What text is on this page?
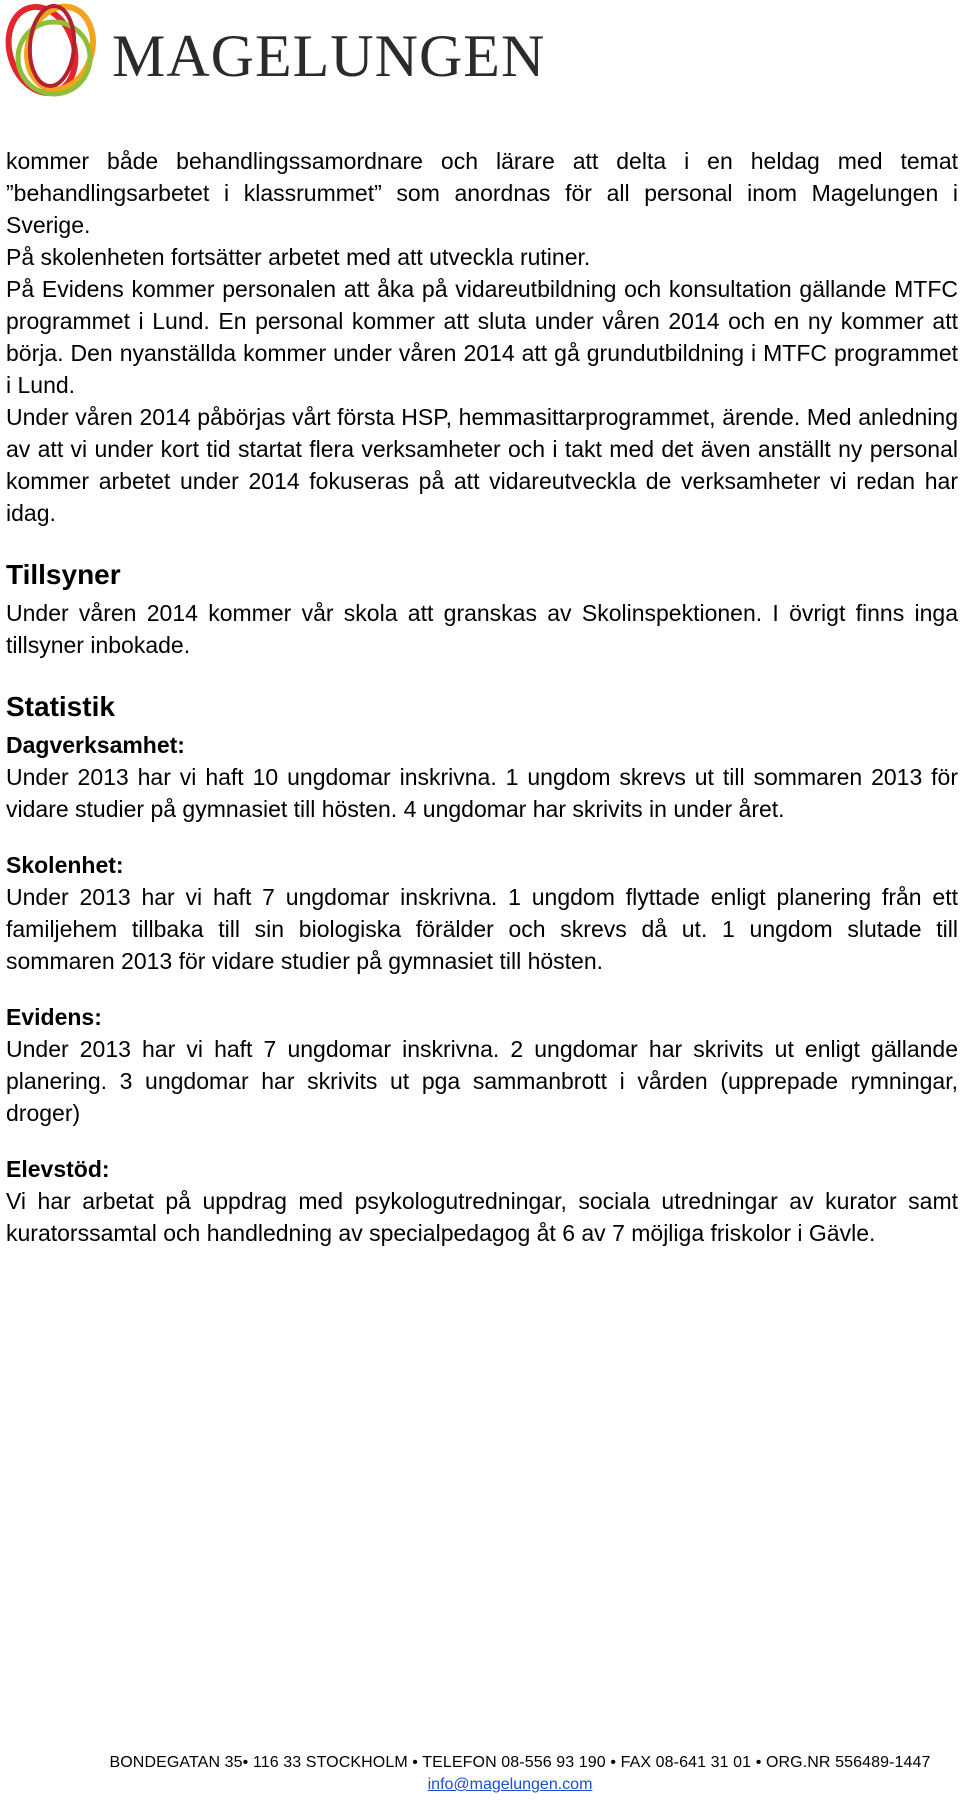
MAGELUNGEN

kommer både behandlingssamordnare och lärare att delta i en heldag med temat ”behandlingsarbetet i klassrummet” som anordnas för all personal inom Magelungen i Sverige.

På skolenheten fortsätter arbetet med att utveckla rutiner.

På Evidens kommer personalen att åka på vidareutbildning och konsultation gällande MTFC programmet i Lund. En personal kommer att sluta under våren 2014 och en ny kommer att börja. Den nyanställda kommer under våren 2014 att gå grundutbildning i MTFC programmet i Lund.

Under våren 2014 påbörjas vårt första HSP, hemmasittarprogrammet, ärende. Med anledning av att vi under kort tid startat flera verksamheter och i takt med det även anställt ny personal kommer arbetet under 2014 fokuseras på att vidareutveckla de verksamheter vi redan har idag.

Tillsyner

Under våren 2014 kommer vår skola att granskas av Skolinspektionen. I övrigt finns inga tillsyner inbokade.

Statistik
Dagverksamhet:

Under 2013 har vi haft 10 ungdomar inskrivna. 1 ungdom skrevs ut till sommaren 2013 för vidare studier på gymnasiet till hösten. 4 ungdomar har skrivits in under året.

Skolenhet:

Under 2013 har vi haft 7 ungdomar inskrivna. 1 ungdom flyttade enligt planering från ett familjehem tillbaka till sin biologiska förälder och skrevs då ut. 1 ungdom slutade till sommaren 2013 för vidare studier på gymnasiet till hösten.

Evidens:

Under 2013 har vi haft 7 ungdomar inskrivna. 2 ungdomar har skrivits ut enligt gällande planering. 3 ungdomar har skrivits ut pga sammanbrott i vården (upprepade rymningar, droger)

Elevstöd:

Vi har arbetat på uppdrag med psykologutredningar, sociala utredningar av kurator samt kuratorssamtal och handledning av specialpedagog åt 6 av 7 möjliga friskolor i Gävle.

BONDEGATAN 35• 116 33 STOCKHOLM • TELEFON 08-556 93 190 • FAX 08-641 31 01 • ORG.NR 556489-1447
info@magelungen.com
